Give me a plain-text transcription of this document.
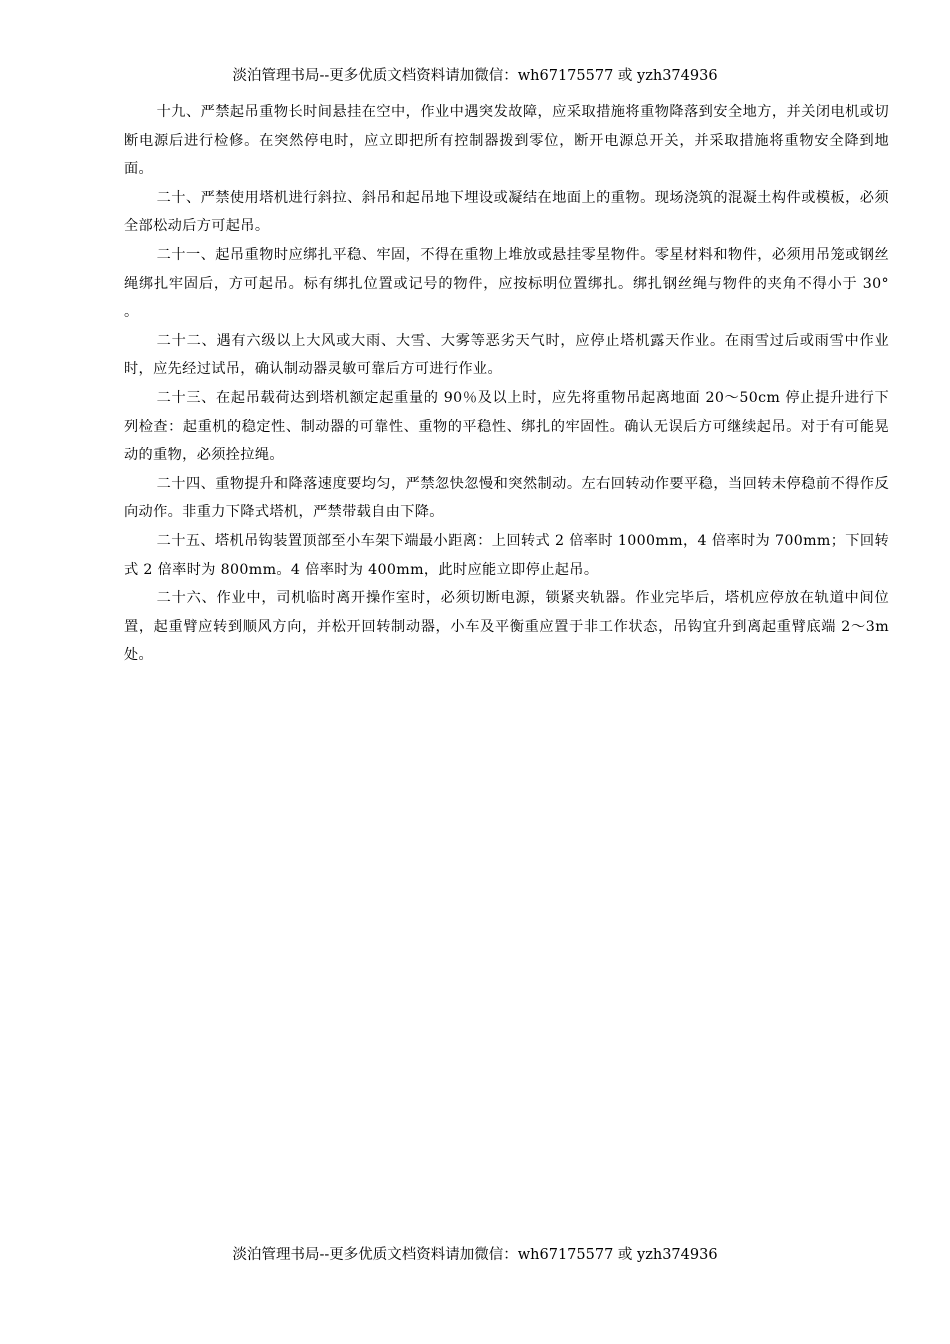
淡泊管理书局--更多优质文档资料请加微信：wh67175577 或 yzh374936

十九、严禁起吊重物长时间悬挂在空中，作业中遇突发故障，应采取措施将重物降落到安全地方，并关闭电机或切断电源后进行检修。在突然停电时，应立即把所有控制器拨到零位，断开电源总开关，并采取措施将重物安全降到地面。

二十、严禁使用塔机进行斜拉、斜吊和起吊地下埋设或凝结在地面上的重物。现场浇筑的混凝土构件或模板，必须全部松动后方可起吊。

二十一、起吊重物时应绑扎平稳、牢固，不得在重物上堆放或悬挂零星物件。零星材料和物件，必须用吊笼或钢丝绳绑扎牢固后，方可起吊。标有绑扎位置或记号的物件，应按标明位置绑扎。绑扎钢丝绳与物件的夹角不得小于 30°　。

二十二、遇有六级以上大风或大雨、大雪、大雾等恶劣天气时，应停止塔机露天作业。在雨雪过后或雨雪中作业时，应先经过试吊，确认制动器灵敏可靠后方可进行作业。

二十三、在起吊载荷达到塔机额定起重量的 90％及以上时，应先将重物吊起离地面 20～50cm 停止提升进行下列检查：起重机的稳定性、制动器的可靠性、重物的平稳性、绑扎的牢固性。确认无误后方可继续起吊。对于有可能晃动的重物，必须拴拉绳。

二十四、重物提升和降落速度要均匀，严禁忽快忽慢和突然制动。左右回转动作要平稳，当回转未停稳前不得作反向动作。非重力下降式塔机，严禁带载自由下降。

二十五、塔机吊钩装置顶部至小车架下端最小距离：上回转式 2 倍率时 1000mm，4 倍率时为 700mm；下回转式 2 倍率时为 800mm。4 倍率时为 400mm，此时应能立即停止起吊。

二十六、作业中，司机临时离开操作室时，必须切断电源，锁紧夹轨器。作业完毕后，塔机应停放在轨道中间位置，起重臂应转到顺风方向，并松开回转制动器，小车及平衡重应置于非工作状态，吊钩宜升到离起重臂底端 2～3m 处。

淡泊管理书局--更多优质文档资料请加微信：wh67175577 或 yzh374936
